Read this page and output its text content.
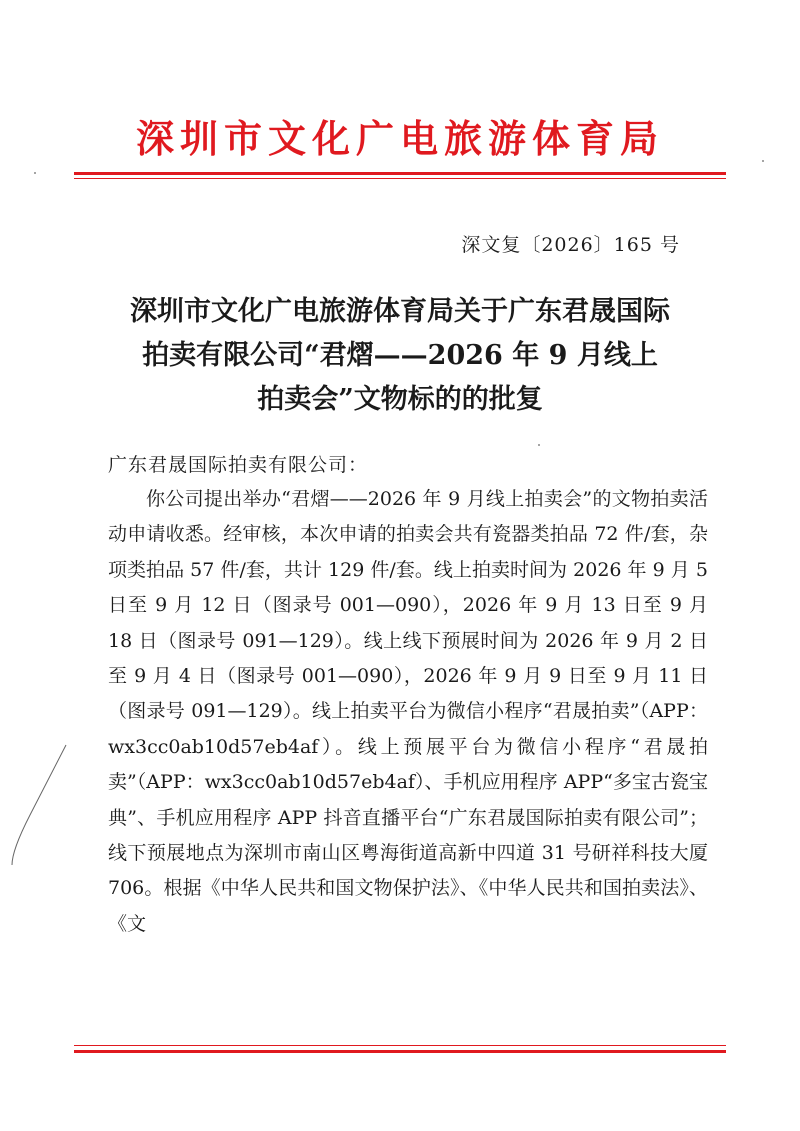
深圳市文化广电旅游体育局
深文复〔2026〕165 号
深圳市文化广电旅游体育局关于广东君晟国际
拍卖有限公司“君熠——2026 年 9 月线上
拍卖会”文物标的的批复
广东君晟国际拍卖有限公司：

你公司提出举办“君熠——2026 年 9 月线上拍卖会”的文物拍卖活动申请收悉。经审核，本次申请的拍卖会共有瓷器类拍品 72 件/套，杂项类拍品 57 件/套，共计 129 件/套。线上拍卖时间为 2026 年 9 月 5 日至 9 月 12 日（图录号 001—090），2026 年 9 月 13 日至 9 月 18 日（图录号 091—129）。线上线下预展时间为 2026 年 9 月 2 日至 9 月 4 日（图录号 001—090），2026 年 9 月 9 日至 9 月 11 日（图录号 091—129）。线上拍卖平台为微信小程序“君晟拍卖”（APP：wx3cc0ab10d57eb4af）。线上预展平台为微信小程序“君晟拍卖”（APP：wx3cc0ab10d57eb4af）、手机应用程序 APP“多宝古瓷宝典”、手机应用程序 APP 抖音直播平台“广东君晟国际拍卖有限公司”；线下预展地点为深圳市南山区粤海街道高新中四道 31 号研祥科技大厦 706。根据《中华人民共和国文物保护法》、《中华人民共和国拍卖法》、《文
